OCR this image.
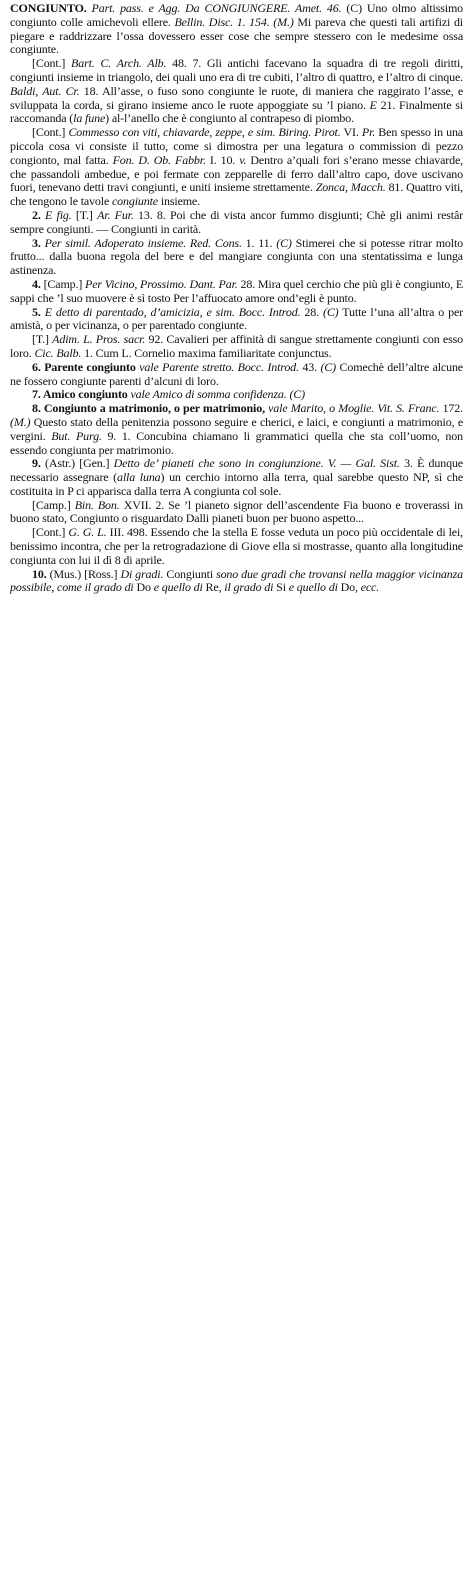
CONGIUNTO. Part. pass. e Agg. Da CONGIUNGERE. Amet. 46. (C) Uno olmo altissimo congiunto colle amichevoli ellere. Bellin. Disc. 1. 154. (M.) Mi pareva che questi tali artifizi di piegare e raddrizzare l’ossa dovessero esser cose che sempre stessero con le medesime ossa congiunte.

[Cont.] Bart. C. Arch. Alb. 48. 7. Gli antichi facevano la squadra di tre regoli diritti, congiunti insieme in triangolo, dei quali uno era di tre cubiti, l’altro di quattro, e l’altro di cinque. Baldi, Aut. Cr. 18. All’asse, o fuso sono congiunte le ruote, di maniera che raggirato l’asse, e sviluppata la corda, si girano insieme anco le ruote appoggiate su ’l piano. E 21. Finalmente si raccomanda (la fune) al-l’anello che è congiunto al contrapeso di piombo.

[Cont.] Commesso con viti, chiavarde, zeppe, e sim. Biring. Pirot. VI. Pr. Ben spesso in una piccola cosa vi consiste il tutto, come si dimostra per una legatura o commission di pezzo congionto, mal fatta. Fon. D. Ob. Fabbr. I. 10. v. Dentro a’quali fori s’erano messe chiavarde, che passandoli ambedue, e poi fermate con zepparelle di ferro dall’altro capo, dove uscivano fuori, tenevano detti travi congiunti, e uniti insieme strettamente. Zonca, Macch. 81. Quattro viti, che tengono le tavole congiunte insieme.

2. E fig. [T.] Ar. Fur. 13. 8. Poi che di vista ancor fummo disgiunti; Chè gli animi restâr sempre congiunti. — Congiunti in carità.

3. Per simil. Adoperato insieme. Red. Cons. 1. 11. (C) Stimerei che si potesse ritrar molto frutto... dalla buona regola del bere e del mangiare congiunta con una stentatissima e lunga astinenza.

4. [Camp.] Per Vicino, Prossimo. Dant. Par. 28. Mira quel cerchio che più gli è congiunto, E sappi che ’l suo muovere è sì tosto Per l’affuocato amore ond’egli è punto.

5. E detto di parentado, d’amicizia, e sim. Bocc. Introd. 28. (C) Tutte l’una all’altra o per amistà, o per vicinanza, o per parentado congiunte.

[T.] Adim. L. Pros. sacr. 92. Cavalieri per affinità di sangue strettamente congiunti con esso loro. Cic. Balb. 1. Cum L. Cornelio maxima familiaritate conjunctus.

6. Parente congiunto vale Parente stretto. Bocc. Introd. 43. (C) Comechè dell’altre alcune ne fossero congiunte parenti d’alcuni di loro.

7. Amico congiunto vale Amico di somma confidenza. (C)

8. Congiunto a matrimonio, o per matrimonio, vale Marito, o Moglie. Vit. S. Franc. 172. (M.) Questo stato della penitenzia possono seguire e cherici, e laici, e congiunti a matrimonio, e vergini. But. Purg. 9. 1. Concubina chiamano li grammatici quella che sta coll’uomo, non essendo congiunta per matrimonio.

9. (Astr.) [Gen.] Detto de’ pianeti che sono in congiunzione. V. — Gal. Sist. 3. È dunque necessario assegnare (alla luna) un cerchio intorno alla terra, qual sarebbe questo NP, sì che costituita in P ci apparisca dalla terra A congiunta col sole.

[Camp.] Bin. Bon. XVII. 2. Se ’l pianeto signor dell’ascendente Fia buono e troverassi in buono stato, Congiunto o risguardato Dalli pianeti buon per buono aspetto...

[Cont.] G. G. L. III. 498. Essendo che la stella E fosse veduta un poco più occidentale di lei, benissimo incontra, che per la retrogradazione di Giove ella si mostrasse, quanto alla longitudine congiunta con lui il dì 8 di aprile.

10. (Mus.) [Ross.] Di gradi. Congiunti sono due gradi che trovansi nella maggior vicinanza possibile, come il grado di Do e quello di Re, il grado di Si e quello di Do, ecc.
